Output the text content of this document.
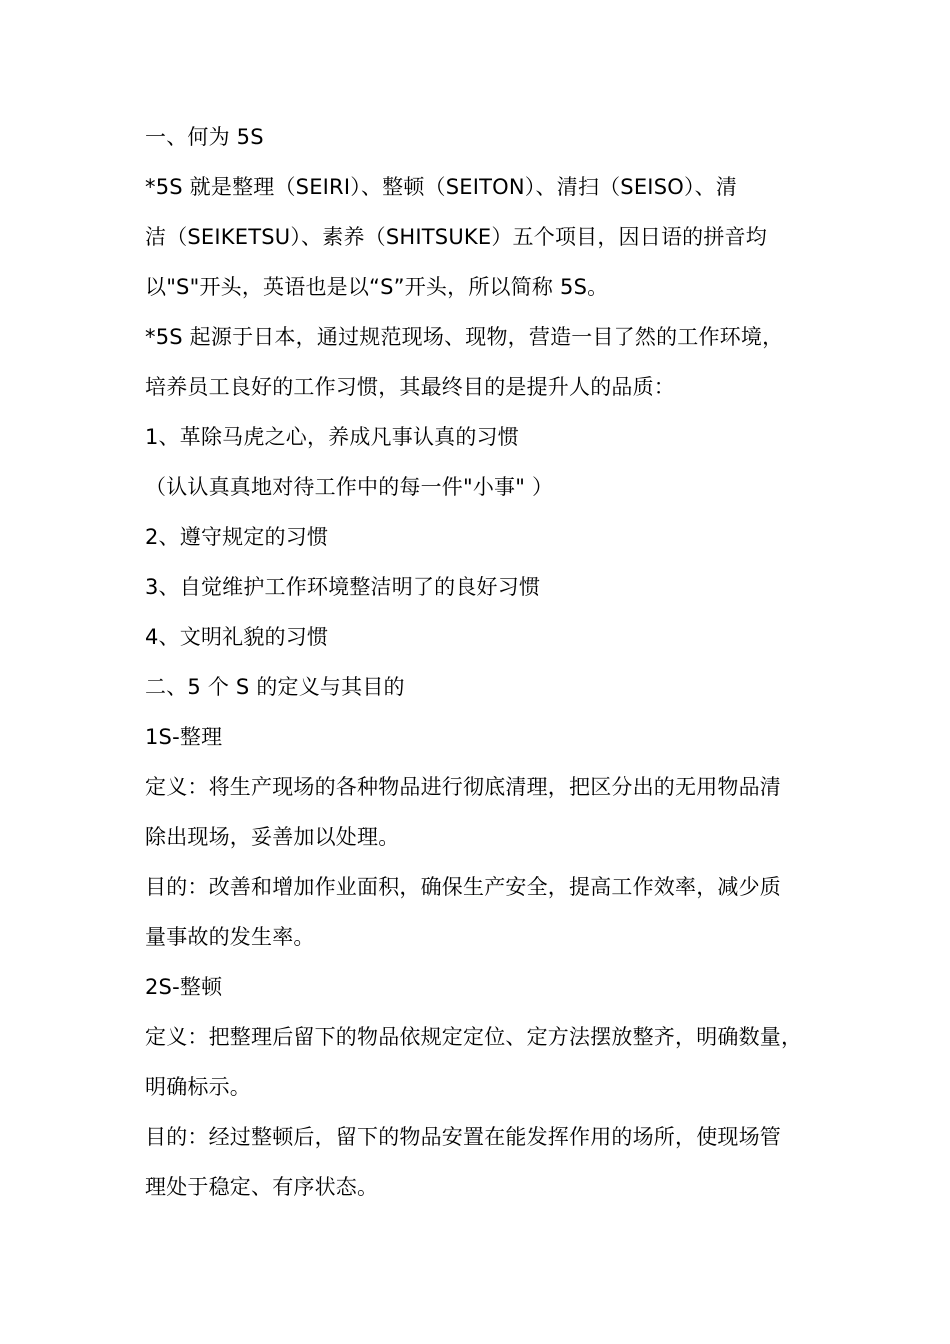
一、何为 5S
*5S 就是整理（SEIRI）、整顿（SEITON）、清扫（SEISO）、清
洁（SEIKETSU）、素养（SHITSUKE）五个项目，因日语的拼音均
以"S"开头，英语也是以“S”开头，所以简称 5S。
*5S 起源于日本，通过规范现场、现物，营造一目了然的工作环境，
培养员工良好的工作习惯，其最终目的是提升人的品质：
1、革除马虎之心，养成凡事认真的习惯
（认认真真地对待工作中的每一件"小事" ）
2、遵守规定的习惯
3、自觉维护工作环境整洁明了的良好习惯
4、文明礼貌的习惯
二、5 个 S 的定义与其目的
1S-整理
定义：将生产现场的各种物品进行彻底清理，把区分出的无用物品清
除出现场，妥善加以处理。
目的：改善和增加作业面积，确保生产安全，提高工作效率，减少质
量事故的发生率。
2S-整顿
定义：把整理后留下的物品依规定定位、定方法摆放整齐，明确数量，
明确标示。
目的：经过整顿后，留下的物品安置在能发挥作用的场所，使现场管
理处于稳定、有序状态。
